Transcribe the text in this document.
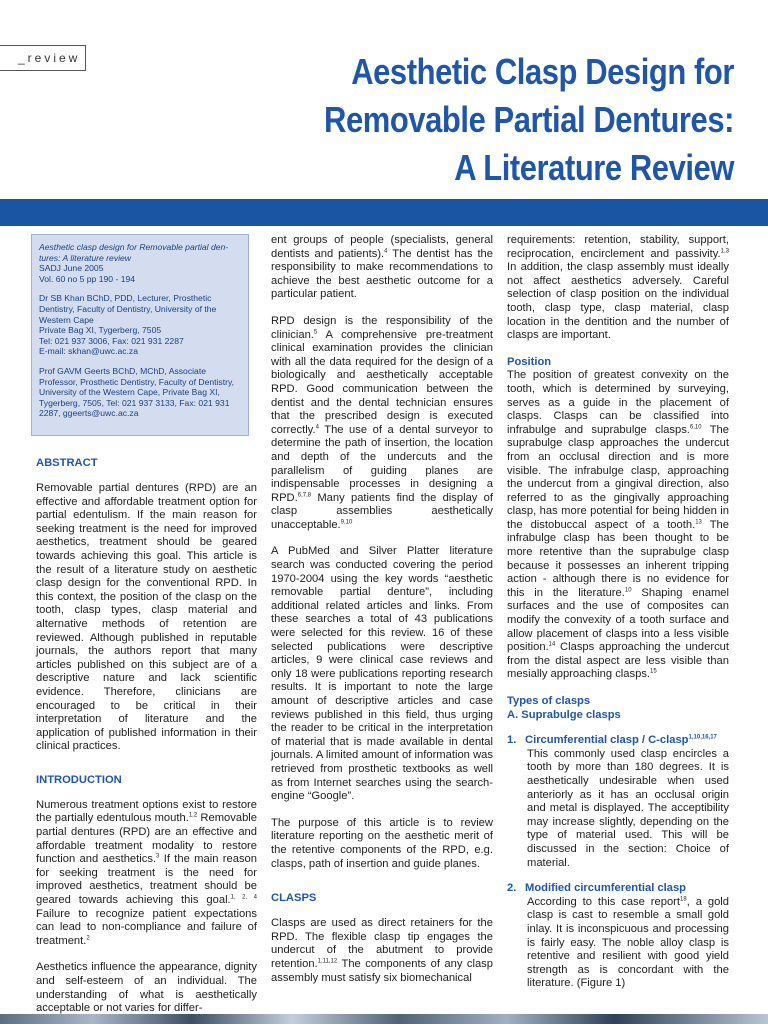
_review	Aesthetic Clasp Design for
Removable Partial Dentures:
A Literature Review

Aesthetic clasp design for Removable partial den-
tures: A literature review
SADJ June 2005
Vol. 60 no 5 pp 190 - 194

Dr SB Khan BChD, PDD, Lecturer, Prosthetic Dentistry, Faculty of Dentistry, University of the Western Cape
Private Bag XI, Tygerberg, 7505
Tel: 021 937 3006, Fax: 021 931 2287
E-mail: skhan@uwc.ac.za

Prof GAVM Geerts BChD, MChD, Associate Professor, Prosthetic Dentistry, Faculty of Dentistry, University of the Western Cape, Private Bag XI, Tygerberg, 7505, Tel: 021 937 3133, Fax: 021 931 2287, ggeerts@uwc.ac.za

ABSTRACT

Removable partial dentures (RPD) are an effective and affordable treatment option for partial edentulism. If the main reason for seeking treatment is the need for improved aesthetics, treatment should be geared towards achieving this goal. This article is the result of a literature study on aesthetic clasp design for the conventional RPD. In this context, the position of the clasp on the tooth, clasp types, clasp material and alternative methods of retention are reviewed. Although published in reputable journals, the authors report that many articles published on this subject are of a descriptive nature and lack scientific evidence. Therefore, clinicians are encouraged to be critical in their interpretation of literature and the application of published information in their clinical practices.

INTRODUCTION

Numerous treatment options exist to restore the partially edentulous mouth.$^{1,2}$ Removable partial dentures (RPD) are an effective and affordable treatment modality to restore function and aesthetics.$^3$ If the main reason for seeking treatment is the need for improved aesthetics, treatment should be geared towards achieving this goal.$^{1, 2, 4}$ Failure to recognize patient expectations can lead to non-compliance and failure of treatment.$^2$

Aesthetics influence the appearance, dignity and self-esteem of an individual. The understanding of what is aesthetically acceptable or not varies for differ-

ent groups of people (specialists, general dentists and patients).$^4$ The dentist has the responsibility to make recommendations to achieve the best aesthetic outcome for a particular patient.

RPD design is the responsibility of the clinician.$^5$ A comprehensive pre-treatment clinical examination provides the clinician with all the data required for the design of a biologically and aesthetically acceptable RPD. Good communication between the dentist and the dental technician ensures that the prescribed design is executed correctly.$^4$ The use of a dental surveyor to determine the path of insertion, the location and depth of the undercuts and the parallelism of guiding planes are indispensable processes in designing a RPD.$^{6,7,8}$ Many patients find the display of clasp assemblies aesthetically unacceptable.$^{9,10}$

A PubMed and Silver Platter literature search was conducted covering the period 1970-2004 using the key words “aesthetic removable partial denture”, including additional related articles and links. From these searches a total of 43 publications were selected for this review. 16 of these selected publications were descriptive articles, 9 were clinical case reviews and only 18 were publications reporting research results. It is important to note the large amount of descriptive articles and case reviews published in this field, thus urging the reader to be critical in the interpretation of material that is made available in dental journals. A limited amount of information was retrieved from prosthetic textbooks as well as from Internet searches using the search-engine “Google”.

The purpose of this article is to review literature reporting on the aesthetic merit of the retentive components of the RPD, e.g. clasps, path of insertion and guide planes.

CLASPS

Clasps are used as direct retainers for the RPD. The flexible clasp tip engages the undercut of the abutment to provide retention.$^{1,11,12}$ The components of any clasp assembly must satisfy six biomechanical

requirements: retention, stability, support, reciprocation, encirclement and passivity.$^{1,3}$ In addition, the clasp assembly must ideally not affect aesthetics adversely. Careful selection of clasp position on the individual tooth, clasp type, clasp material, clasp location in the dentition and the number of clasps are important.

Position

The position of greatest convexity on the tooth, which is determined by surveying, serves as a guide in the placement of clasps. Clasps can be classified into infrabulge and suprabulge clasps.$^{6,10}$ The suprabulge clasp approaches the undercut from an occlusal direction and is more visible. The infrabulge clasp, approaching the undercut from a gingival direction, also referred to as the gingivally approaching clasp, has more potential for being hidden in the distobuccal aspect of a tooth.$^{13}$ The infrabulge clasp has been thought to be more retentive than the suprabulge clasp because it possesses an inherent tripping action - although there is no evidence for this in the literature.$^{10}$ Shaping enamel surfaces and the use of composites can modify the convexity of a tooth surface and allow placement of clasps into a less visible position.$^{14}$ Clasps approaching the undercut from the distal aspect are less visible than mesially approaching clasps.$^{15}$

Types of clasps
A. Suprabulge clasps
1. Circumferential clasp / C-clasp$^{1,10,16,17}$
This commonly used clasp encircles a tooth by more than 180 degrees. It is aesthetically undesirable when used anteriorly as it has an occlusal origin and metal is displayed. The acceptibility may increase slightly, depending on the type of material used. This will be discussed in the section: Choice of material.
2. Modified circumferential clasp
According to this case report$^{18}$, a gold clasp is cast to resemble a small gold inlay. It is inconspicuous and processing is fairly easy. The noble alloy clasp is retentive and resilient with good yield strength as is concordant with the literature. (Figure 1)
